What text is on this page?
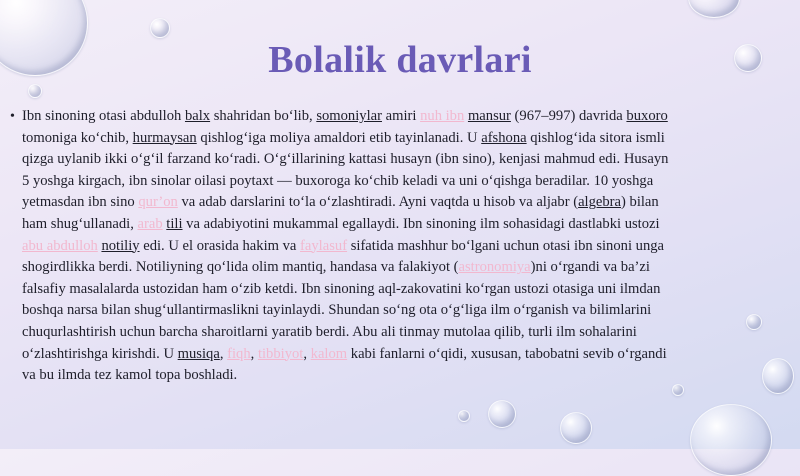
Bolalik davrlari
• Ibn sinoning otasi abdulloh balx shahridan bo‘lib, somoniylar amiri nuh ibn mansur (967–997) davrida buxoro tomoniga ko‘chib, hurmaysan qishlog‘iga moliya amaldori etib tayinlanadi. U afshona qishlog‘ida sitora ismli qizga uylanib ikki o‘g‘il farzand ko‘radi. O‘g‘illarining kattasi husayn (ibn sino), kenjasi mahmud edi. Husayn 5 yoshga kirgach, ibn sinolar oilasi poytaxt — buxoroga ko‘chib keladi va uni o‘qishga beradilar. 10 yoshga yetmasdan ibn sino qur’on va adab darslarini to‘la o‘zlashtiradi. Ayni vaqtda u hisob va aljabr (algebra) bilan ham shug‘ullanadi, arab tili va adabiyotini mukammal egallaydi. Ibn sinoning ilm sohasidagi dastlabki ustozi abu abdulloh notiliy edi. U el orasida hakim va faylasuf sifatida mashhur bo‘lgani uchun otasi ibn sinoni unga shogirdlikka berdi. Notiliyning qo‘lida olim mantiq, handasa va falakiyot (astronomiya)ni o‘rgandi va ba’zi falsafiy masalalarda ustozidan ham o‘zib ketdi. Ibn sinoning aql-zakovatini ko‘rgan ustozi otasiga uni ilmdan boshqa narsa bilan shug‘ullantirmaslikni tayinlaydi. Shundan so‘ng ota o‘g‘liga ilm o‘rganish va bilimlarini chuqurlashtirish uchun barcha sharoitlarni yaratib berdi. Abu ali tinmay mutolaa qilib, turli ilm sohalarini o‘zlashtirishga kirishdi. U musiqa, fiqh, tibbiyot, kalom kabi fanlarni o‘qidi, xususan, tabobatni sevib o‘rgandi va bu ilmda tez kamol topa boshladi.
